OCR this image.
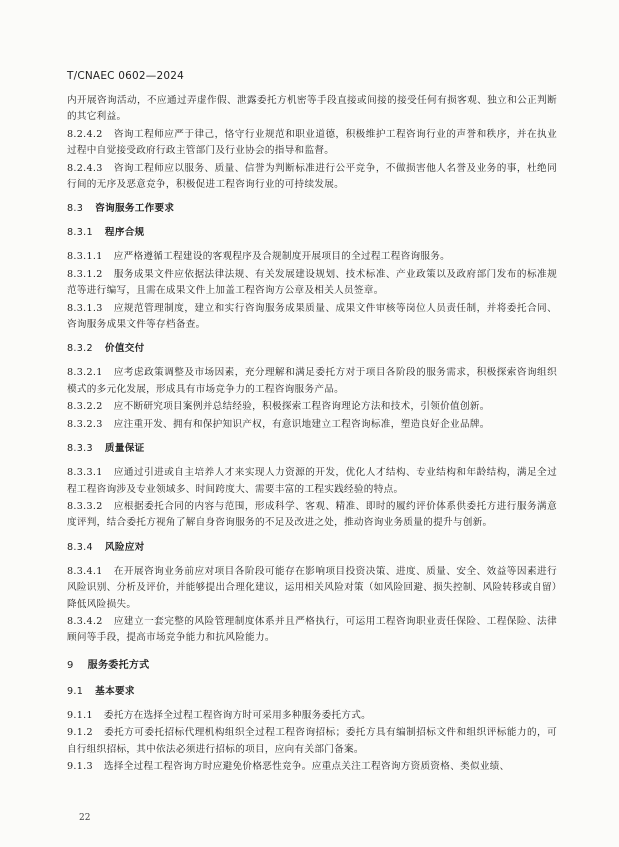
T/CNAEC 0602—2024
内开展咨询活动，不应通过弄虚作假、泄露委托方机密等手段直接或间接的接受任何有损客观、独立和公正判断的其它利益。
8.2.4.2 咨询工程师应严于律己，恪守行业规范和职业道德，积极维护工程咨询行业的声誉和秩序，并在执业过程中自觉接受政府行政主管部门及行业协会的指导和监督。
8.2.4.3 咨询工程师应以服务、质量、信誉为判断标准进行公平竞争，不做损害他人名誉及业务的事，杜绝同行间的无序及恶意竞争，积极促进工程咨询行业的可持续发展。
8.3 咨询服务工作要求
8.3.1 程序合规
8.3.1.1 应严格遵循工程建设的客观程序及合规制度开展项目的全过程工程咨询服务。
8.3.1.2 服务成果文件应依据法律法规、有关发展建设规划、技术标准、产业政策以及政府部门发布的标准规范等进行编写，且需在成果文件上加盖工程咨询方公章及相关人员签章。
8.3.1.3 应规范管理制度，建立和实行咨询服务成果质量、成果文件审核等岗位人员责任制，并将委托合同、咨询服务成果文件等存档备查。
8.3.2 价值交付
8.3.2.1 应考虑政策调整及市场因素，充分理解和满足委托方对于项目各阶段的服务需求，积极探索咨询组织模式的多元化发展，形成具有市场竞争力的工程咨询服务产品。
8.3.2.2 应不断研究项目案例并总结经验，积极探索工程咨询理论方法和技术，引领价值创新。
8.3.2.3 应注重开发、拥有和保护知识产权，有意识地建立工程咨询标准，塑造良好企业品牌。
8.3.3 质量保证
8.3.3.1 应通过引进或自主培养人才来实现人力资源的开发，优化人才结构、专业结构和年龄结构，满足全过程工程咨询涉及专业领域多、时间跨度大、需要丰富的工程实践经验的特点。
8.3.3.2 应根据委托合同的内容与范围，形成科学、客观、精准、即时的履约评价体系供委托方进行服务满意度评判，结合委托方视角了解自身咨询服务的不足及改进之处，推动咨询业务质量的提升与创新。
8.3.4 风险应对
8.3.4.1 在开展咨询业务前应对项目各阶段可能存在影响项目投资决策、进度、质量、安全、效益等因素进行风险识别、分析及评价，并能够提出合理化建议，运用相关风险对策（如风险回避、损失控制、风险转移或自留）降低风险损失。
8.3.4.2 应建立一套完整的风险管理制度体系并且严格执行，可运用工程咨询职业责任保险、工程保险、法律顾问等手段，提高市场竞争能力和抗风险能力。
9 服务委托方式
9.1 基本要求
9.1.1 委托方在选择全过程工程咨询方时可采用多种服务委托方式。
9.1.2 委托方可委托招标代理机构组织全过程工程咨询招标；委托方具有编制招标文件和组织评标能力的，可自行组织招标，其中依法必须进行招标的项目，应向有关部门备案。
9.1.3 选择全过程工程咨询方时应避免价格恶性竞争。应重点关注工程咨询方资质资格、类似业绩、
22
